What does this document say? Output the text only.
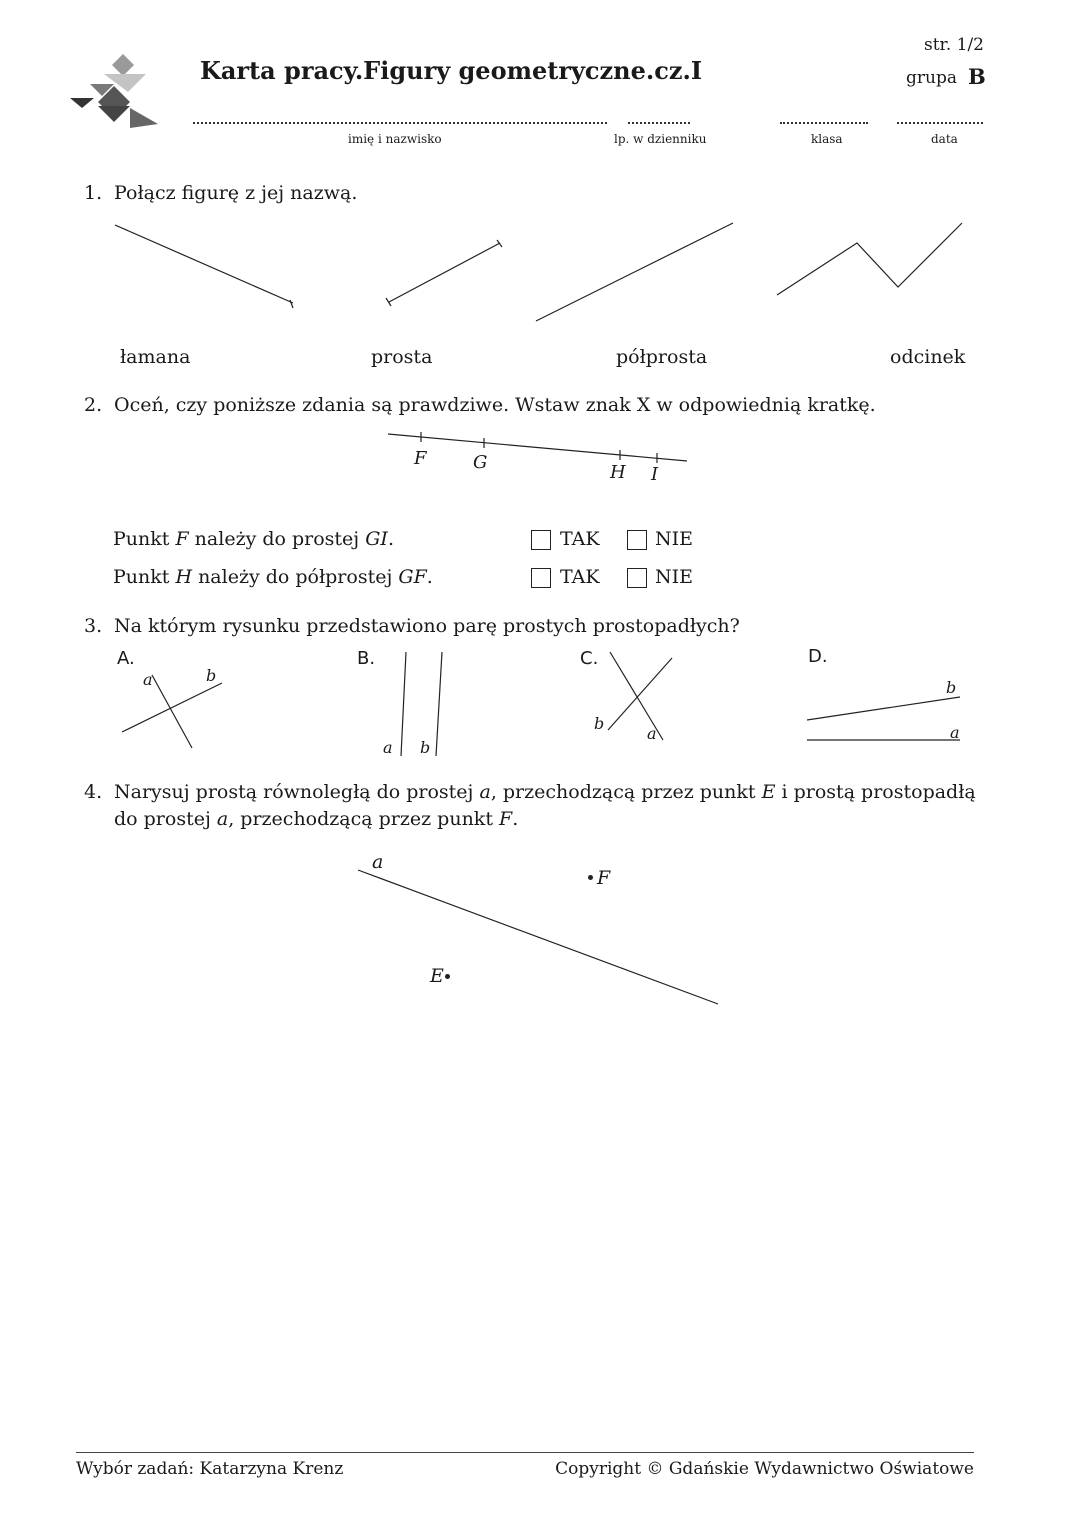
Karta pracy.Figury geometryczne.cz.I
str. 1/2
grupa B
imię i nazwisko	lp. w dzienniku	klasa	data
1. Połącz figurę z jej nazwą.
łamana	prosta	półprosta	odcinek
2. Oceń, czy poniższe zdania są prawdziwe. Wstaw znak X w odpowiednią kratkę.
F	G	H I
Punkt F należy do prostej GI.
Punkt H należy do półprostej GF.
TAK	NIE
TAK	NIE
3. Na którym rysunku przedstawiono parę prostych prostopadłych?
A.	B.	C.	D.
a	b
a b
b
a
b
a
4. Narysuj prostą równoległą do prostej a, przechodzącą przez punkt E i prostą prostopadłą
do prostej a, przechodzącą przez punkt F.
a
F
E
Wybór zadań: Katarzyna Krenz	Copyright © Gdańskie Wydawnictwo Oświatowe
